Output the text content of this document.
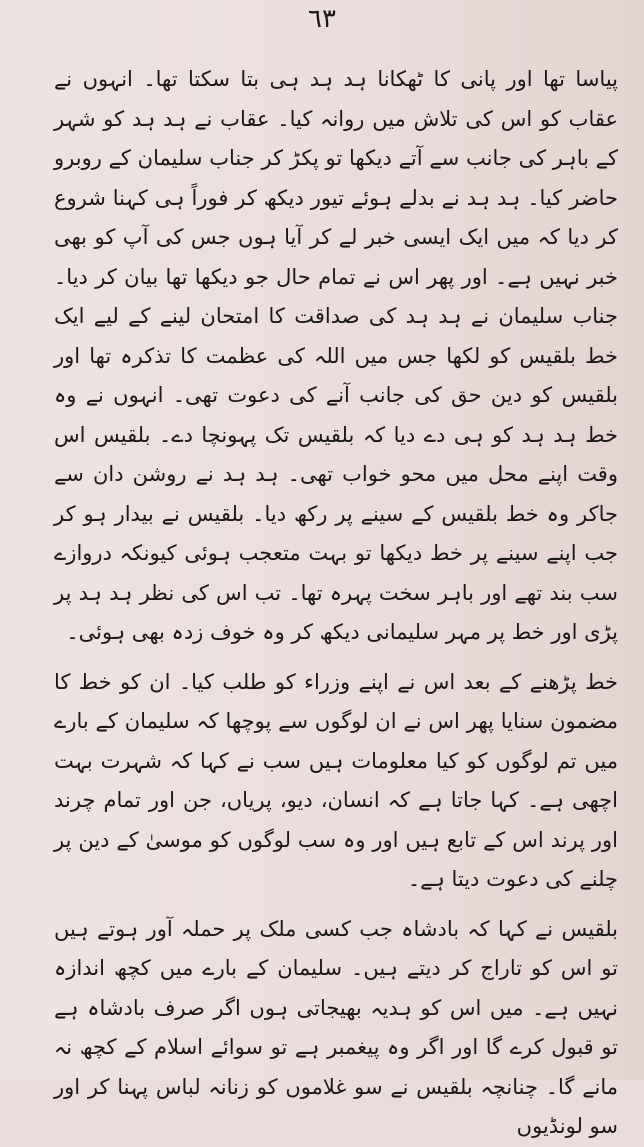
٦٣

پیاسا تھا اور پانی کا ٹھکانا ہد ہد ہی بتا سکتا تھا۔ انہوں نے عقاب کو اس کی تلاش میں روانہ کیا۔ عقاب نے ہد ہد کو شہر کے باہر کی جانب سے آتے دیکھا تو پکڑ کر جناب سلیمان کے روبرو حاضر کیا۔ ہد ہد نے بدلے ہوئے تیور دیکھ کر فوراً ہی کہنا شروع کر دیا کہ میں ایک ایسی خبر لے کر آیا ہوں جس کی آپ کو بھی خبر نہیں ہے۔ اور پھر اس نے تمام حال جو دیکھا تھا بیان کر دیا۔ جناب سلیمان نے ہد ہد کی صداقت کا امتحان لینے کے لیے ایک خط بلقیس کو لکھا جس میں اللہ کی عظمت کا تذکرہ تھا اور بلقیس کو دین حق کی جانب آنے کی دعوت تھی۔ انہوں نے وہ خط ہد ہد کو ہی دے دیا کہ بلقیس تک پہونچا دے۔ بلقیس اس وقت اپنے محل میں محو خواب تھی۔ ہد ہد نے روشن دان سے جاکر وہ خط بلقیس کے سینے پر رکھ دیا۔ بلقیس نے بیدار ہو کر جب اپنے سینے پر خط دیکھا تو بہت متعجب ہوئی کیونکہ دروازے سب بند تھے اور باہر سخت پہرہ تھا۔ تب اس کی نظر ہد ہد پر پڑی اور خط پر مہر سلیمانی دیکھ کر وہ خوف زدہ بھی ہوئی۔

خط پڑھنے کے بعد اس نے اپنے وزراء کو طلب کیا۔ ان کو خط کا مضمون سنایا پھر اس نے ان لوگوں سے پوچھا کہ سلیمان کے بارے میں تم لوگوں کو کیا معلومات ہیں سب نے کہا کہ شہرت بہت اچھی ہے۔ کہا جاتا ہے کہ انسان، دیو، پریاں، جن اور تمام چرند اور پرند اس کے تابع ہیں اور وہ سب لوگوں کو موسیٰ کے دین پر چلنے کی دعوت دیتا ہے۔

بلقیس نے کہا کہ بادشاہ جب کسی ملک پر حملہ آور ہوتے ہیں تو اس کو تاراج کر دیتے ہیں۔ سلیمان کے بارے میں کچھ اندازہ نہیں ہے۔ میں اس کو ہدیہ بھیجاتی ہوں اگر صرف بادشاہ ہے تو قبول کرے گا اور اگر وہ پیغمبر ہے تو سوائے اسلام کے کچھ نہ مانے گا۔ چنانچہ بلقیس نے سو غلاموں کو زنانہ لباس پہنا کر اور سو لونڈیوں
